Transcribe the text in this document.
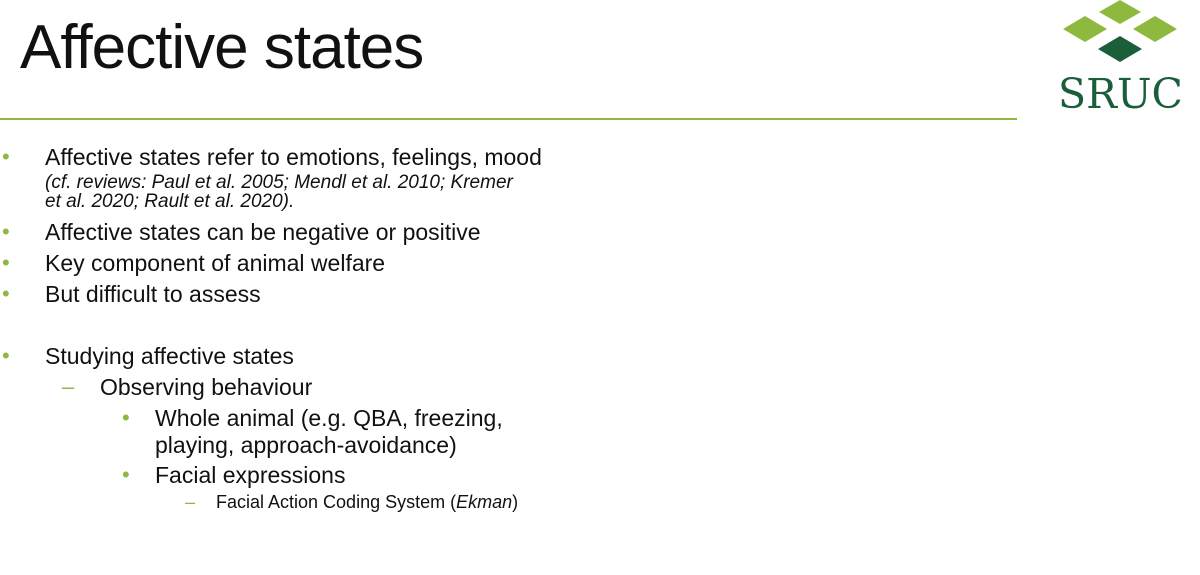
Affective states
SRUC
• Affective states refer to emotions, feelings, mood
(cf. reviews: Paul et al. 2005; Mendl et al. 2010; Kremer
et al. 2020; Rault et al. 2020).
• Affective states can be negative or positive
• Key component of animal welfare
• But difficult to assess
• Studying affective states
– Observing behaviour
• Whole animal (e.g. QBA, freezing,
playing, approach-avoidance)
• Facial expressions
– Facial Action Coding System (Ekman)
